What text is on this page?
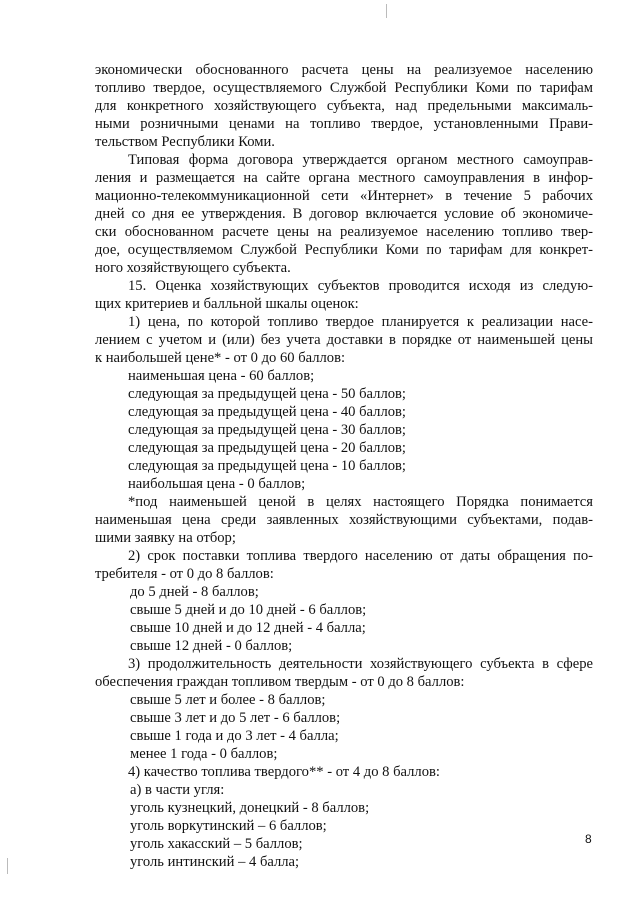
экономически обоснованного расчета цены на реализуемое населению
топливо твердое, осуществляемого Службой Республики Коми по тарифам
для конкретного хозяйствующего субъекта, над предельными максималь-
ными розничными ценами на топливо твердое, установленными Прави-
тельством Республики Коми.
Типовая форма договора утверждается органом местного самоуправ-
ления и размещается на сайте органа местного самоуправления в инфор-
мационно-телекоммуникационной сети «Интернет» в течение 5 рабочих
дней со дня ее утверждения. В договор включается условие об экономиче-
ски обоснованном расчете цены на реализуемое населению топливо твер-
дое, осуществляемом Службой Республики Коми по тарифам для конкрет-
ного хозяйствующего субъекта.
15. Оценка хозяйствующих субъектов проводится исходя из следую-
щих критериев и балльной шкалы оценок:
1) цена, по которой топливо твердое планируется к реализации насе-
лением с учетом и (или) без учета доставки в порядке от наименьшей цены
к наибольшей цене* - от 0 до 60 баллов:
наименьшая цена - 60 баллов;
следующая за предыдущей цена - 50 баллов;
следующая за предыдущей цена - 40 баллов;
следующая за предыдущей цена - 30 баллов;
следующая за предыдущей цена - 20 баллов;
следующая за предыдущей цена - 10 баллов;
наибольшая цена - 0 баллов;
*под наименьшей ценой в целях настоящего Порядка понимается
наименьшая цена среди заявленных хозяйствующими субъектами, подав-
шими заявку на отбор;
2) срок поставки топлива твердого населению от даты обращения по-
требителя - от 0 до 8 баллов:
до 5 дней - 8 баллов;
свыше 5 дней и до 10 дней - 6 баллов;
свыше 10 дней и до 12 дней - 4 балла;
свыше 12 дней - 0 баллов;
3) продолжительность деятельности хозяйствующего субъекта в сфере
обеспечения граждан топливом твердым - от 0 до 8 баллов:
свыше 5 лет и более - 8 баллов;
свыше 3 лет и до 5 лет - 6 баллов;
свыше 1 года и до 3 лет - 4 балла;
менее 1 года - 0 баллов;
4) качество топлива твердого** - от 4 до 8 баллов:
а) в части угля:
уголь кузнецкий, донецкий - 8 баллов;
уголь воркутинский – 6 баллов;
уголь хакасский – 5 баллов;
уголь интинский – 4 балла;
8
